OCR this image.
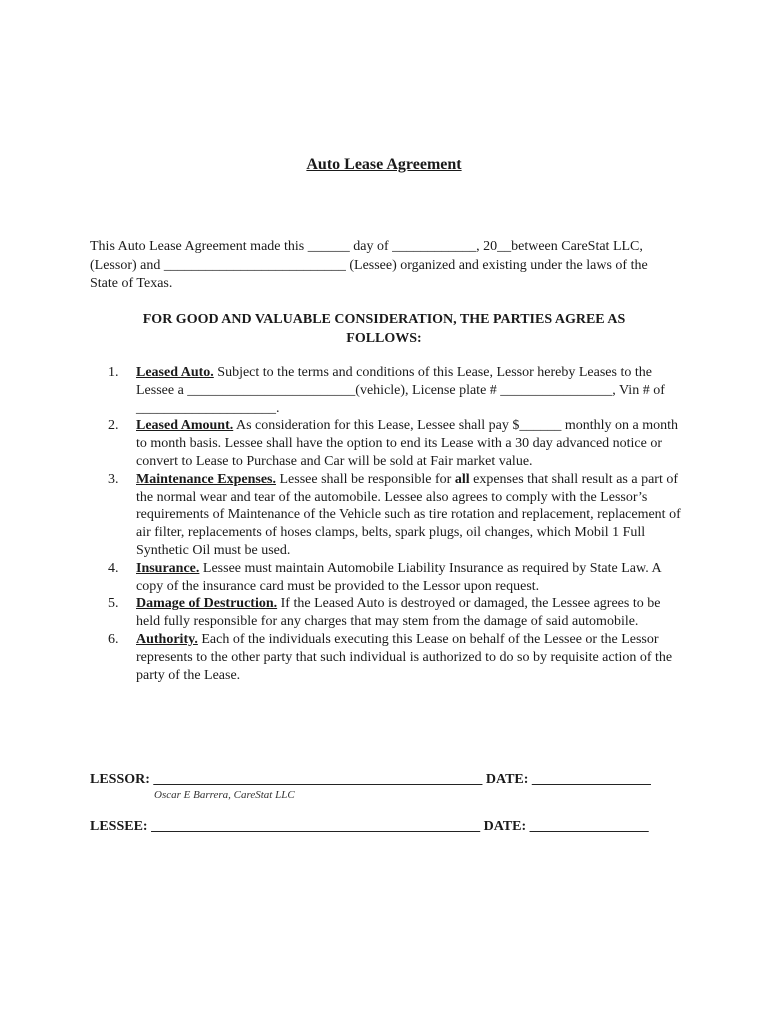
Auto Lease Agreement
This Auto Lease Agreement made this ______ day of ____________, 20__between CareStat LLC, (Lessor) and __________________________ (Lessee) organized and existing under the laws of the State of Texas.
FOR GOOD AND VALUABLE CONSIDERATION, THE PARTIES AGREE AS FOLLOWS:
1. Leased Auto. Subject to the terms and conditions of this Lease, Lessor hereby Leases to the Lessee a ________________________(vehicle), License plate # ________________, Vin # of ____________________.
2. Leased Amount. As consideration for this Lease, Lessee shall pay $______ monthly on a month to month basis. Lessee shall have the option to end its Lease with a 30 day advanced notice or convert to Lease to Purchase and Car will be sold at Fair market value.
3. Maintenance Expenses. Lessee shall be responsible for all expenses that shall result as a part of the normal wear and tear of the automobile. Lessee also agrees to comply with the Lessor’s requirements of Maintenance of the Vehicle such as tire rotation and replacement, replacement of air filter, replacements of hoses clamps, belts, spark plugs, oil changes, which Mobil 1 Full Synthetic Oil must be used.
4. Insurance. Lessee must maintain Automobile Liability Insurance as required by State Law. A copy of the insurance card must be provided to the Lessor upon request.
5. Damage of Destruction. If the Leased Auto is destroyed or damaged, the Lessee agrees to be held fully responsible for any charges that may stem from the damage of said automobile.
6. Authority. Each of the individuals executing this Lease on behalf of the Lessee or the Lessor represents to the other party that such individual is authorized to do so by requisite action of the party of the Lease.
LESSOR: _______________________________________________ DATE: _________________
Oscar E Barrera, CareStat LLC
LESSEE: _______________________________________________ DATE: _________________
